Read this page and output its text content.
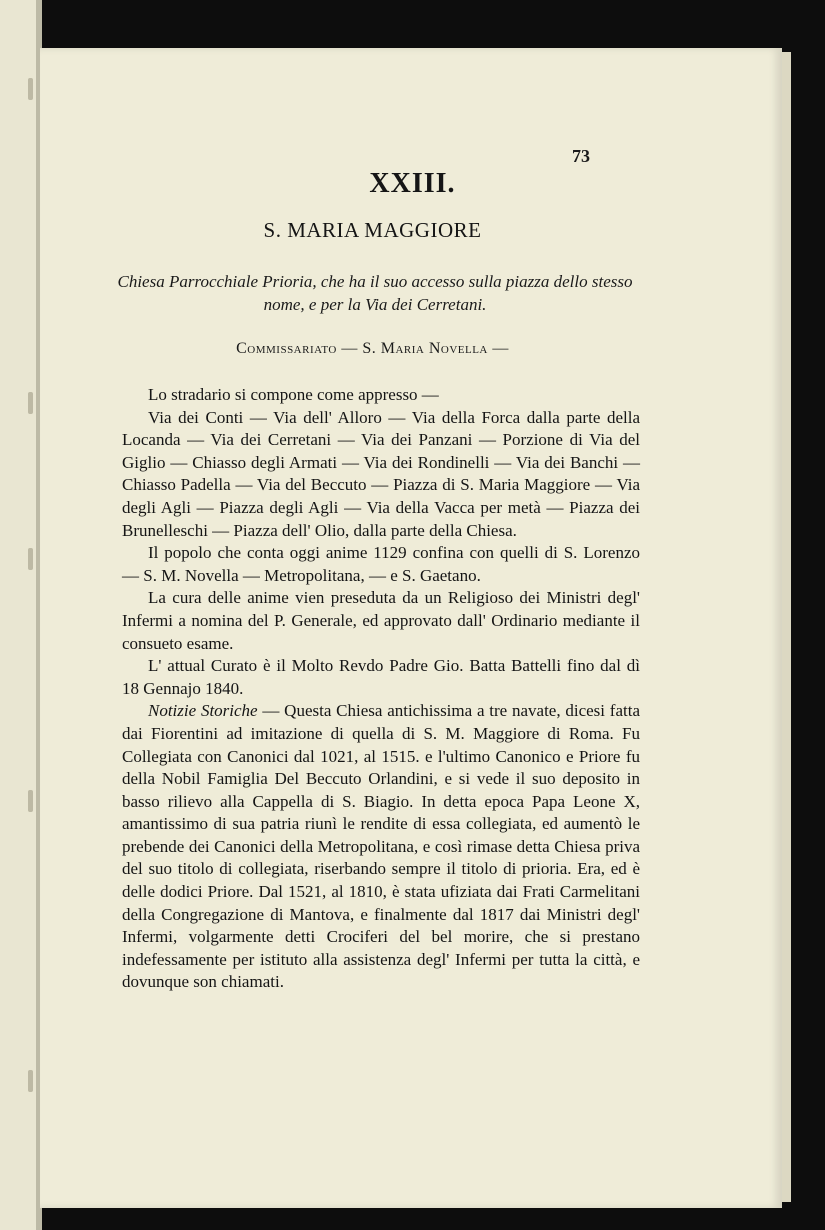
73
XXIII.
S. MARIA MAGGIORE
Chiesa Parrocchiale Prioria, che ha il suo accesso sulla piazza dello stesso nome, e per la Via dei Cerretani.
Commissariato — S. Maria Novella —

Lo stradario si compone come appresso —

Via dei Conti — Via dell' Alloro — Via della Forca dalla parte della Locanda — Via dei Cerretani — Via dei Panzani — Porzione di Via del Giglio — Chiasso degli Armati — Via dei Rondinelli — Via dei Banchi — Chiasso Padella — Via del Beccuto — Piazza di S. Maria Maggiore — Via degli Agli — Piazza degli Agli — Via della Vacca per metà — Piazza dei Brunelleschi — Piazza dell' Olio, dalla parte della Chiesa.

Il popolo che conta oggi anime 1129 confina con quelli di S. Lorenzo — S. M. Novella — Metropolitana, — e S. Gaetano.

La cura delle anime vien preseduta da un Religioso dei Ministri degl' Infermi a nomina del P. Generale, ed approvato dall' Ordinario mediante il consueto esame.

L' attual Curato è il Molto Revdo Padre Gio. Batta Battelli fino dal dì 18 Gennajo 1840.

Notizie Storiche — Questa Chiesa antichissima a tre navate, dicesi fatta dai Fiorentini ad imitazione di quella di S. M. Maggiore di Roma. Fu Collegiata con Canonici dal 1021, al 1515. e l'ultimo Canonico e Priore fu della Nobil Famiglia Del Beccuto Orlandini, e si vede il suo deposito in basso rilievo alla Cappella di S. Biagio. In detta epoca Papa Leone X, amantissimo di sua patria riunì le rendite di essa collegiata, ed aumentò le prebende dei Canonici della Metropolitana, e così rimase detta Chiesa priva del suo titolo di collegiata, riserbando sempre il titolo di prioria. Era, ed è delle dodici Priore. Dal 1521, al 1810, è stata ufiziata dai Frati Carmelitani della Congregazione di Mantova, e finalmente dal 1817 dai Ministri degl' Infermi, volgarmente detti Crociferi del bel morire, che si prestano indefessamente per istituto alla assistenza degl' Infermi per tutta la città, e dovunque son chiamati.
